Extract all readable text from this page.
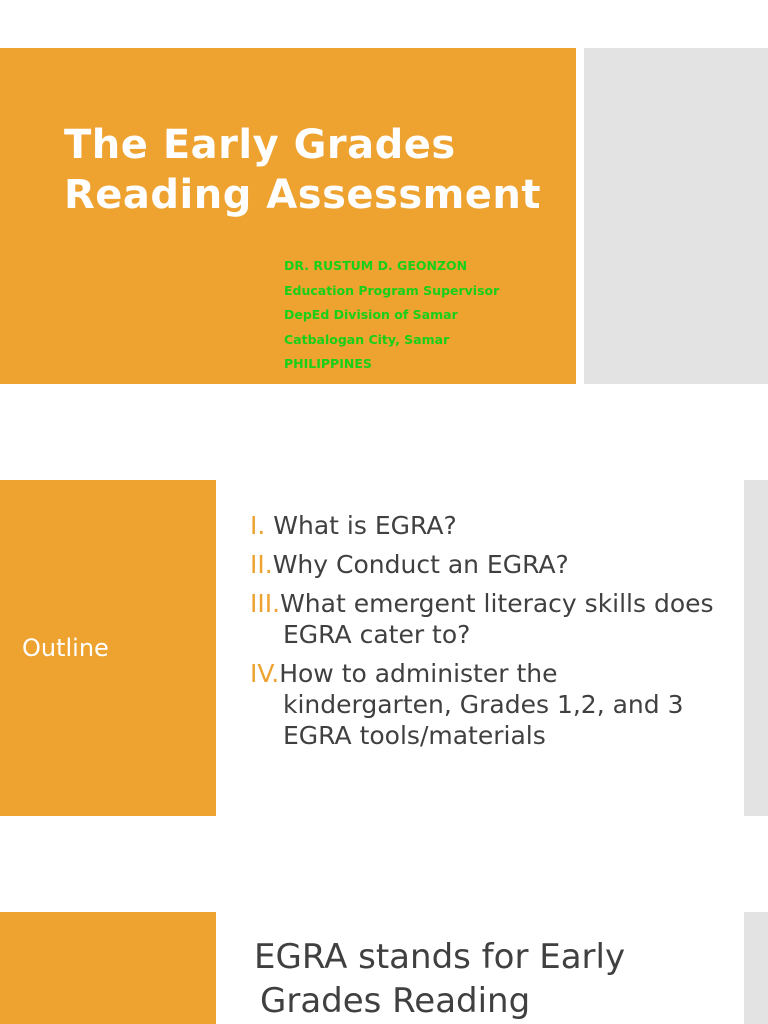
The Early Grades
Reading Assessment
DR. RUSTUM D. GEONZON
Education Program Supervisor
DepEd Division of Samar
Catbalogan City, Samar
PHILIPPINES
Outline
I. What is EGRA?
II.Why Conduct an EGRA?
III.What emergent literacy skills does EGRA cater to?
IV.How to administer the kindergarten, Grades 1,2, and 3 EGRA tools/materials
EGRA stands for Early
Grades Reading
